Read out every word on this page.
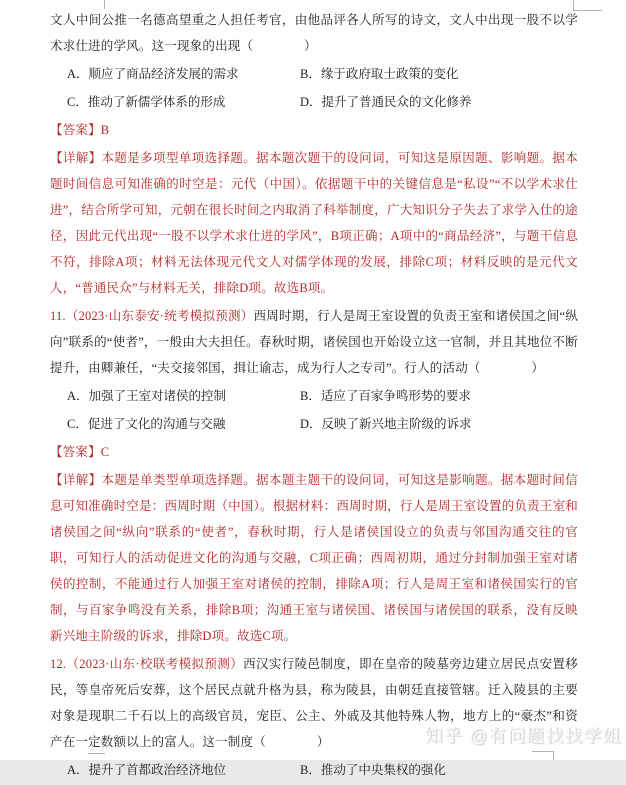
文人中间公推一名德高望重之人担任考官，由他品评各人所写的诗文，文人中出现一股不以学术求仕进的学风。这一现象的出现（　　　　）

A．顺应了商品经济发展的需求	B．缘于政府取士政策的变化
C．推动了新儒学体系的形成	D．提升了普通民众的文化修养

【答案】B

【详解】本题是多项型单项选择题。据本题次题干的设问词，可知这是原因题、影响题。据本题时间信息可知准确的时空是：元代（中国）。依据题干中的关键信息是“私设”“不以学术求仕进”，结合所学可知，元朝在很长时间之内取消了科举制度，广大知识分子失去了求学入仕的途径，因此元代出现“一股不以学术求仕进的学风”，B项正确；A项中的“商品经济”，与题干信息不符，排除A项；材料无法体现元代文人对儒学体现的发展，排除C项；材料反映的是元代文人，“普通民众”与材料无关，排除D项。故选B项。

11.（2023·山东泰安·统考模拟预测）西周时期，行人是周王室设置的负责王室和诸侯国之间“纵向”联系的“使者”，一般由大夫担任。春秋时期，诸侯国也开始设立这一官制，并且其地位不断提升，由卿兼任，“夫交接邻国，揖让谕志，成为行人之专司”。行人的活动（　　　　）

A．加强了王室对诸侯的控制	B．适应了百家争鸣形势的要求
C．促进了文化的沟通与交融	D．反映了新兴地主阶级的诉求

【答案】C

【详解】本题是单类型单项选择题。据本题主题干的设问词，可知这是影响题。据本题时间信息可知准确时空是：西周时期（中国）。根据材料：西周时期，行人是周王室设置的负责王室和诸侯国之间“纵向”联系的“使者”，春秋时期，行人是诸侯国设立的负责与邻国沟通交往的官职，可知行人的活动促进文化的沟通与交融，C项正确；西周初期，通过分封制加强王室对诸侯的控制，不能通过行人加强王室对诸侯的控制，排除A项；行人是周王室和诸侯国实行的官制，与百家争鸣没有关系，排除B项；沟通王室与诸侯国、诸侯国与诸侯国的联系，没有反映新兴地主阶级的诉求，排除D项。故选C项。

12.（2023·山东·校联考模拟预测）西汉实行陵邑制度，即在皇帝的陵墓旁边建立居民点安置移民，等皇帝死后安葬，这个居民点就升格为县，称为陵县，由朝廷直接管辖。迁入陵县的主要对象是现职二千石以上的高级官员，宠臣、公主、外戚及其他特殊人物，地方上的“豪杰”和资产在一定数额以上的富人。这一制度（　　　　）

A．提升了首都政治经济地位	B．推动了中央集权的强化
知乎 @有问题找找学姐
